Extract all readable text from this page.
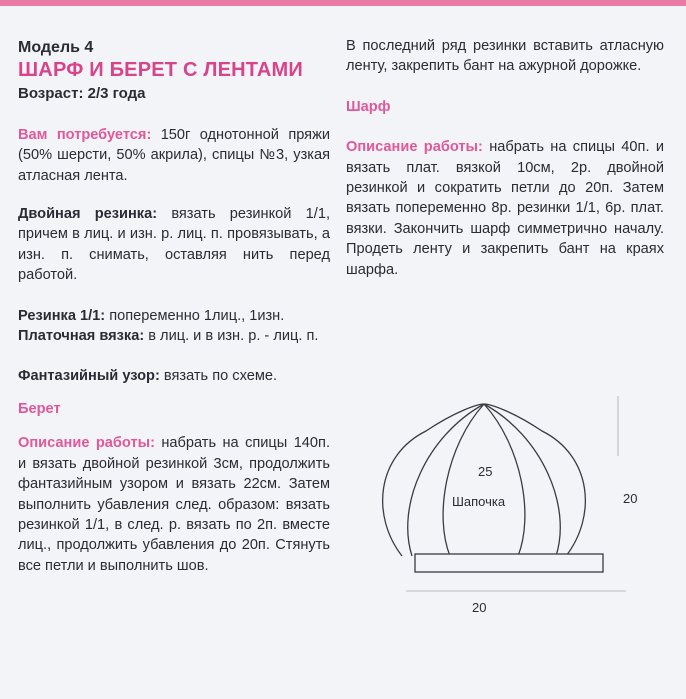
Модель 4
ШАРФ И БЕРЕТ С ЛЕНТАМИ
Возраст: 2/3 года

Вам потребуется: 150г однотонной пряжи (50% шерсти, 50% акрила), спицы №3, узкая атласная лента.

Двойная резинка: вязать резинкой 1/1, причем в лиц. и изн. р. лиц. п. провязывать, а изн. п. снимать, оставляя нить перед работой.

Резинка 1/1: попеременно 1лиц., 1изн.

Платочная вязка: в лиц. и в изн. р. - лиц. п.

Фантазийный узор: вязать по схеме.

Берет

Описание работы: набрать на спицы 140п. и вязать двойной резинкой 3см, продолжить фантазийным узором и вязать 22см. Затем выполнить убавления след. образом: вязать резинкой 1/1, в след. р. вязать по 2п. вместе лиц., продолжить убавления до 20п. Стянуть все петли и выполнить шов.

В последний ряд резинки вставить атласную ленту, закрепить бант на ажурной дорожке.

Шарф

Описание работы: набрать на спицы 40п. и вязать плат. вязкой 10см, 2р. двойной резинкой и сократить петли до 20п. Затем вязать попеременно 8р. резинки 1/1, 6р. плат. вязки. Закончить шарф симметрично началу. Продеть ленту и закрепить бант на краях шарфа.

25
Шапочка	20
20
